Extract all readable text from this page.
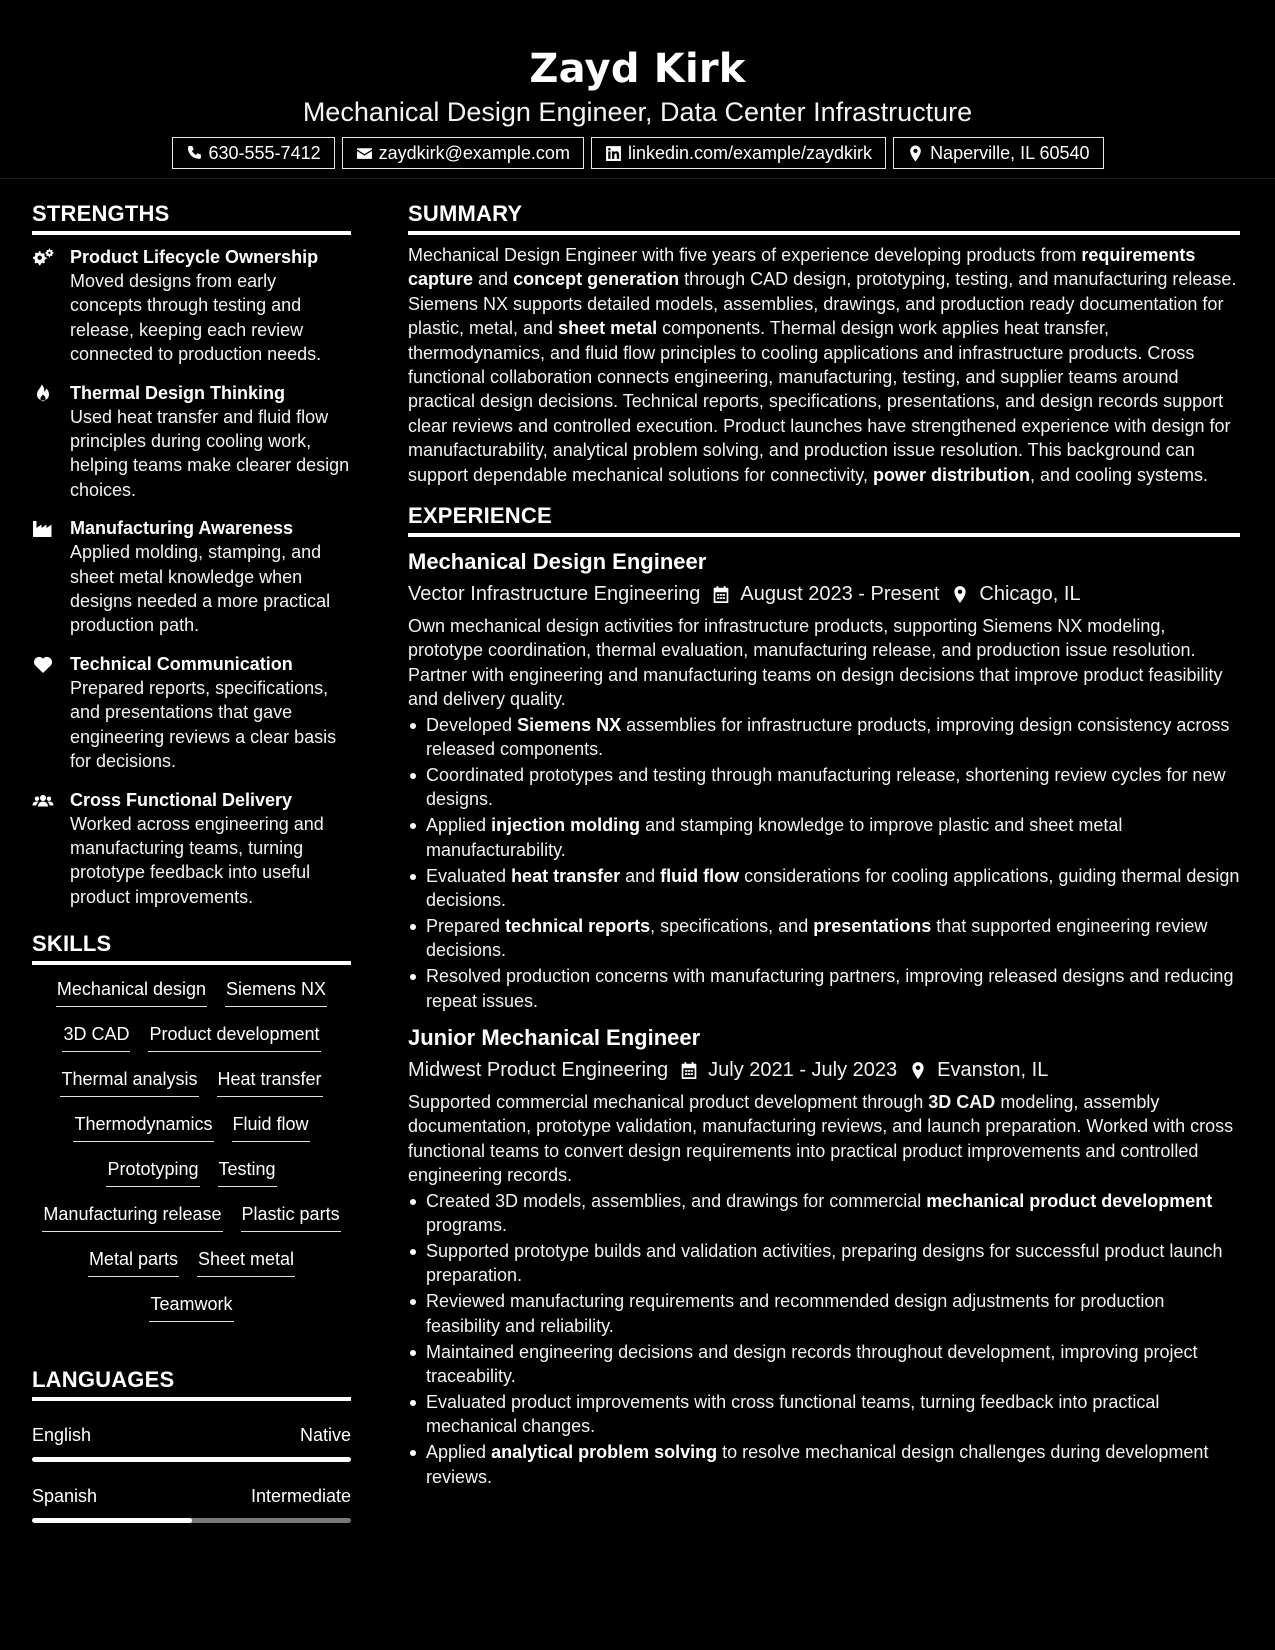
Zayd Kirk
Mechanical Design Engineer, Data Center Infrastructure
630-555-7412	zaydkirk@example.com	linkedin.com/example/zaydkirk	Naperville, IL 60540
STRENGTHS
Product Lifecycle Ownership
Moved designs from early concepts through testing and release, keeping each review connected to production needs.
Thermal Design Thinking
Used heat transfer and fluid flow principles during cooling work, helping teams make clearer design choices.
Manufacturing Awareness
Applied molding, stamping, and sheet metal knowledge when designs needed a more practical production path.
Technical Communication
Prepared reports, specifications, and presentations that gave engineering reviews a clear basis for decisions.
Cross Functional Delivery
Worked across engineering and manufacturing teams, turning prototype feedback into useful product improvements.
SKILLS
Mechanical design Siemens NX
3D CAD Product development
Thermal analysis Heat transfer
Thermodynamics Fluid flow
Prototyping Testing
Manufacturing release Plastic parts
Metal parts Sheet metal
Teamwork
LANGUAGES
English	Native
Spanish	Intermediate
SUMMARY

Mechanical Design Engineer with five years of experience developing products from requirements capture and concept generation through CAD design, prototyping, testing, and manufacturing release. Siemens NX supports detailed models, assemblies, drawings, and production ready documentation for plastic, metal, and sheet metal components. Thermal design work applies heat transfer, thermodynamics, and fluid flow principles to cooling applications and infrastructure products. Cross functional collaboration connects engineering, manufacturing, testing, and supplier teams around practical design decisions. Technical reports, specifications, presentations, and design records support clear reviews and controlled execution. Product launches have strengthened experience with design for manufacturability, analytical problem solving, and production issue resolution. This background can support dependable mechanical solutions for connectivity, power distribution, and cooling systems.

EXPERIENCE
Mechanical Design Engineer
Vector Infrastructure Engineering August 2023 - Present Chicago, IL

Own mechanical design activities for infrastructure products, supporting Siemens NX modeling, prototype coordination, thermal evaluation, manufacturing release, and production issue resolution. Partner with engineering and manufacturing teams on design decisions that improve product feasibility and delivery quality.

Developed Siemens NX assemblies for infrastructure products, improving design consistency across released components.
Coordinated prototypes and testing through manufacturing release, shortening review cycles for new designs.
Applied injection molding and stamping knowledge to improve plastic and sheet metal manufacturability.
Evaluated heat transfer and fluid flow considerations for cooling applications, guiding thermal design decisions.
Prepared technical reports, specifications, and presentations that supported engineering review decisions.
Resolved production concerns with manufacturing partners, improving released designs and reducing repeat issues.
Junior Mechanical Engineer
Midwest Product Engineering July 2021 - July 2023 Evanston, IL

Supported commercial mechanical product development through 3D CAD modeling, assembly documentation, prototype validation, manufacturing reviews, and launch preparation. Worked with cross functional teams to convert design requirements into practical product improvements and controlled engineering records.

Created 3D models, assemblies, and drawings for commercial mechanical product development programs.
Supported prototype builds and validation activities, preparing designs for successful product launch preparation.
Reviewed manufacturing requirements and recommended design adjustments for production feasibility and reliability.
Maintained engineering decisions and design records throughout development, improving project traceability.
Evaluated product improvements with cross functional teams, turning feedback into practical mechanical changes.
Applied analytical problem solving to resolve mechanical design challenges during development reviews.
